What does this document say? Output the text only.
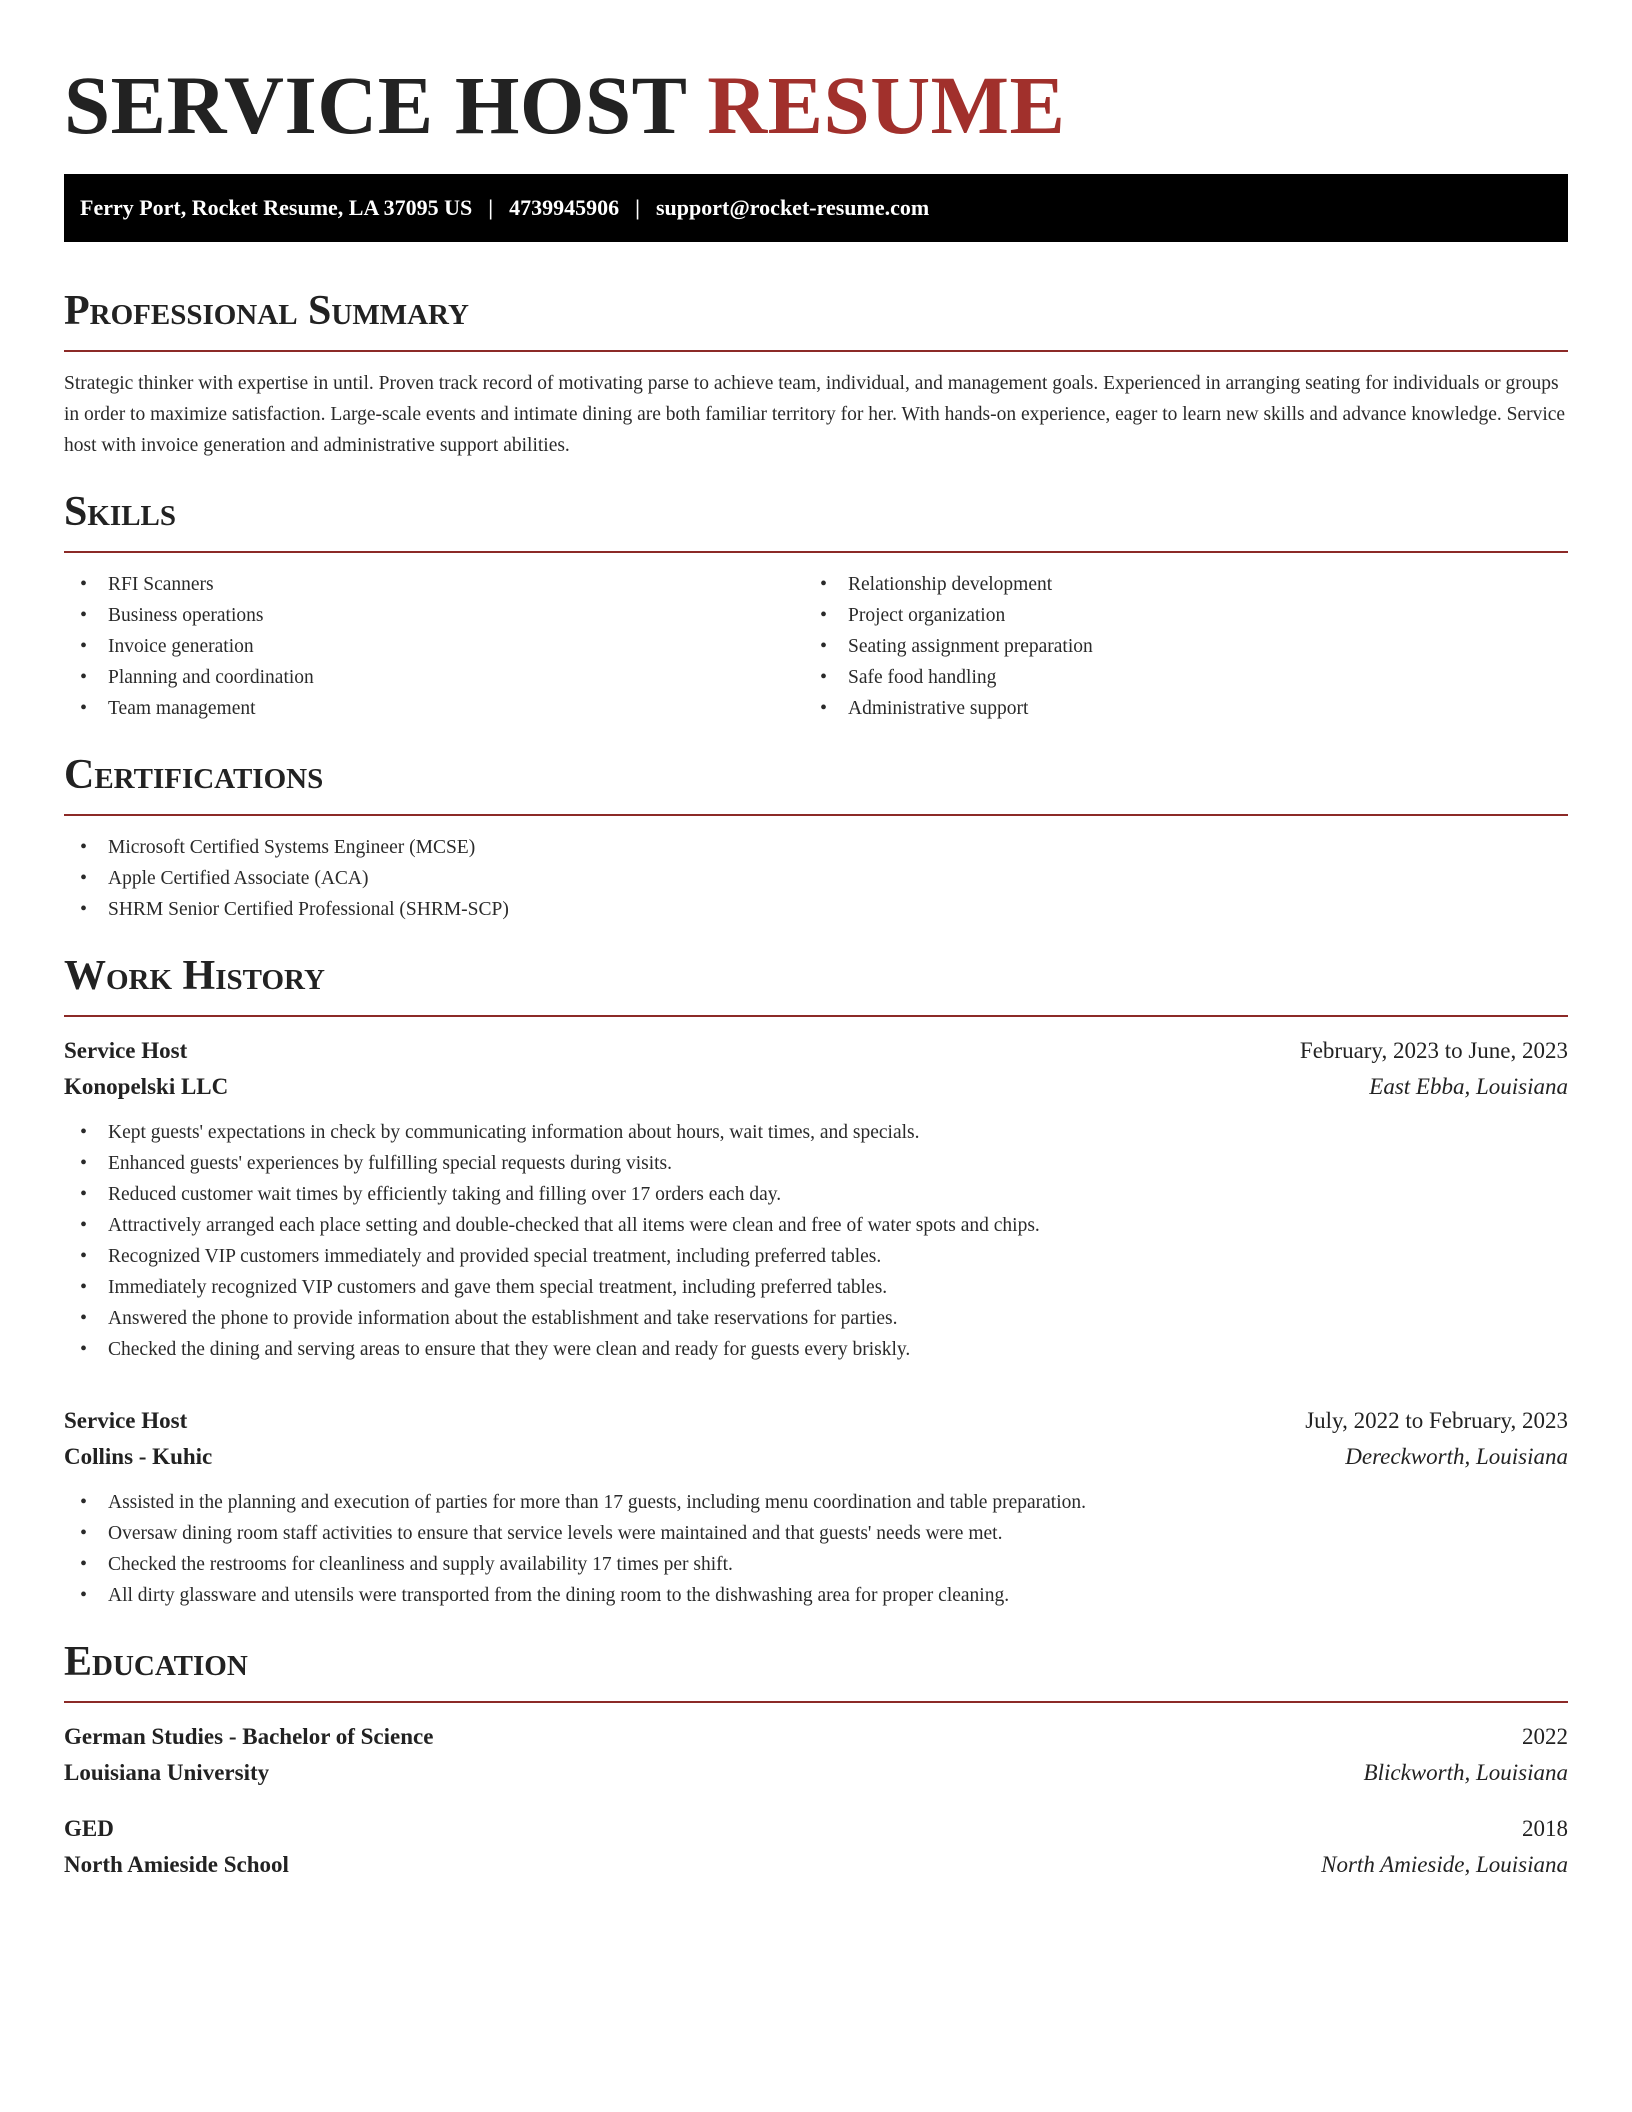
SERVICE HOST RESUME
Ferry Port, Rocket Resume, LA 37095 US | 4739945906 | support@rocket-resume.com
Professional Summary

Strategic thinker with expertise in until. Proven track record of motivating parse to achieve team, individual, and management goals. Experienced in arranging seating for individuals or groups in order to maximize satisfaction. Large-scale events and intimate dining are both familiar territory for her. With hands-on experience, eager to learn new skills and advance knowledge. Service host with invoice generation and administrative support abilities.

Skills
• RFI Scanners
• Business operations
• Invoice generation
• Planning and coordination
• Team management
• Relationship development
• Project organization
• Seating assignment preparation
• Safe food handling
• Administrative support
Certifications
• Microsoft Certified Systems Engineer (MCSE)
• Apple Certified Associate (ACA)
• SHRM Senior Certified Professional (SHRM-SCP)
Work History
Service Host	February, 2023 to June, 2023
Konopelski LLC	East Ebba, Louisiana
• Kept guests' expectations in check by communicating information about hours, wait times, and specials.
• Enhanced guests' experiences by fulfilling special requests during visits.
• Reduced customer wait times by efficiently taking and filling over 17 orders each day.
• Attractively arranged each place setting and double-checked that all items were clean and free of water spots and chips.
• Recognized VIP customers immediately and provided special treatment, including preferred tables.
• Immediately recognized VIP customers and gave them special treatment, including preferred tables.
• Answered the phone to provide information about the establishment and take reservations for parties.
• Checked the dining and serving areas to ensure that they were clean and ready for guests every briskly.
Service Host	July, 2022 to February, 2023
Collins - Kuhic	Dereckworth, Louisiana
• Assisted in the planning and execution of parties for more than 17 guests, including menu coordination and table preparation.
• Oversaw dining room staff activities to ensure that service levels were maintained and that guests' needs were met.
• Checked the restrooms for cleanliness and supply availability 17 times per shift.
• All dirty glassware and utensils were transported from the dining room to the dishwashing area for proper cleaning.
Education
German Studies - Bachelor of Science	2022
Louisiana University	Blickworth, Louisiana
GED	2018
North Amieside School	North Amieside, Louisiana
